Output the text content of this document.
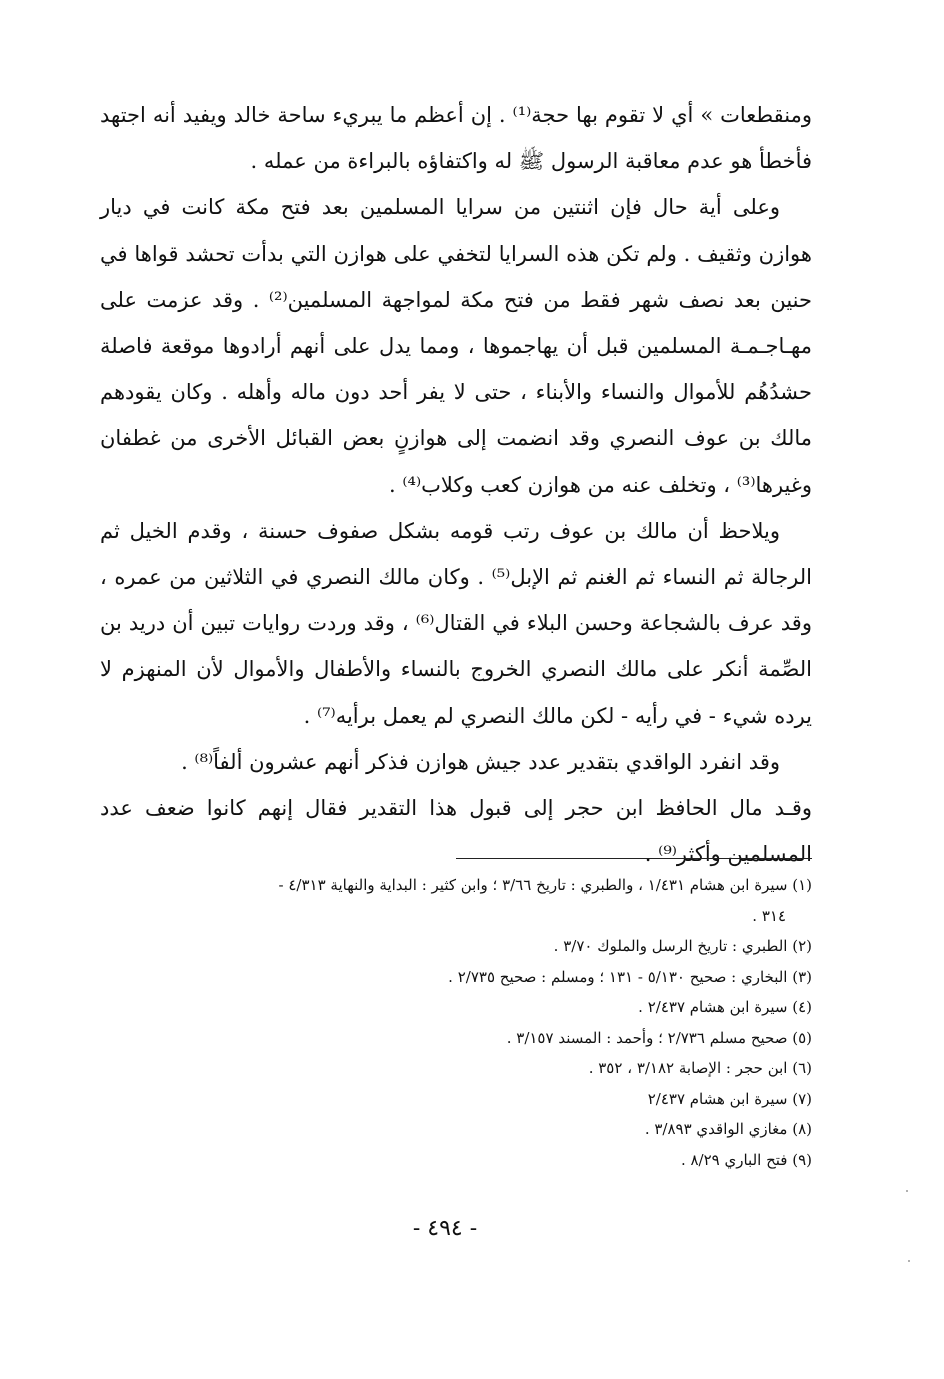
ومنقطعات » أي لا تقوم بها حجة⁽¹⁾ . إن أعظم ما يبريء ساحة خالد ويفيد أنه اجتهد فأخطأ هو عدم معاقبة الرسول ﷺ له واكتفاؤه بالبراءة من عمله .

وعلى أية حال فإن اثنتين من سرايا المسلمين بعد فتح مكة كانت في ديار هوازن وثقيف . ولم تكن هذه السرايا لتخفي على هوازن التي بدأت تحشد قواها في حنين بعد نصف شهر فقط من فتح مكة لمواجهة المسلمين⁽²⁾ . وقد عزمت على مهـاجـمـة المسلمين قبل أن يهاجموها ، ومما يدل على أنهم أرادوها موقعة فاصلة حشدُهُم للأموال والنساء والأبناء ، حتى لا يفر أحد دون ماله وأهله . وكان يقودهم مالك بن عوف النصري وقد انضمت إلى هوازنٍ بعض القبائل الأخرى من غطفان وغيرها⁽³⁾ ، وتخلف عنه من هوازن كعب وكلاب⁽⁴⁾ .

ويلاحظ أن مالك بن عوف رتب قومه بشكل صفوف حسنة ، وقدم الخيل ثم الرجالة ثم النساء ثم الغنم ثم الإبل⁽⁵⁾ . وكان مالك النصري في الثلاثين من عمره ، وقد عرف بالشجاعة وحسن البلاء في القتال⁽⁶⁾ ، وقد وردت روايات تبين أن دريد بن الصِّمة أنكر على مالك النصري الخروج بالنساء والأطفال والأموال لأن المنهزم لا يرده شيء - في رأيه - لكن مالك النصري لم يعمل برأيه⁽⁷⁾ .

وقد انفرد الواقدي بتقدير عدد جيش هوازن فذكر أنهم عشرون ألفاً⁽⁸⁾ .

وقـد مال الحافظ ابن حجر إلى قبول هذا التقدير فقال إنهم كانوا ضعف عدد المسلمين وأكثر⁽⁹⁾ .

(١) سيرة ابن هشام ١/٤٣١ ، والطبري : تاريخ ٣/٦٦ ؛ وابن كثير : البداية والنهاية ٤/٣١٣ -
٣١٤ .

(٢) الطبري : تاريخ الرسل والملوك ٣/٧٠ .

(٣) البخاري : صحيح ٥/١٣٠ - ١٣١ ؛ ومسلم : صحيح ٢/٧٣٥ .

(٤) سيرة ابن هشام ٢/٤٣٧ .

(٥) صحيح مسلم ٢/٧٣٦ ؛ وأحمد : المسند ٣/١٥٧ .

(٦) ابن حجر : الإصابة ٣/١٨٢ ، ٣٥٢ .

(٧) سيرة ابن هشام ٢/٤٣٧

(٨) مغازي الواقدي ٣/٨٩٣ .

(٩) فتح الباري ٨/٢٩ .

- ٤٩٤ -
